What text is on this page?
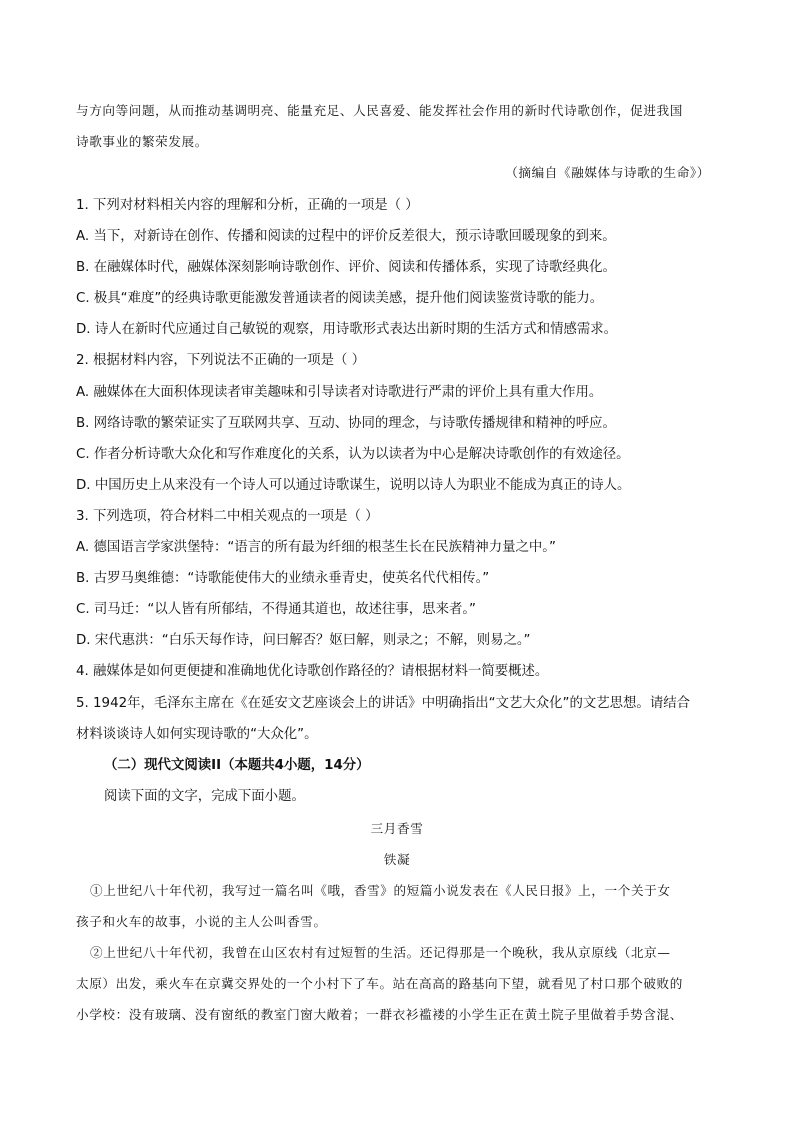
与方向等问题，从而推动基调明亮、能量充足、人民喜爱、能发挥社会作用的新时代诗歌创作，促进我国
诗歌事业的繁荣发展。
（摘编自《融媒体与诗歌的生命》）
1. 下列对材料相关内容的理解和分析，正确的一项是（ ）
A. 当下，对新诗在创作、传播和阅读的过程中的评价反差很大，预示诗歌回暖现象的到来。
B. 在融媒体时代，融媒体深刻影响诗歌创作、评价、阅读和传播体系，实现了诗歌经典化。
C. 极具“难度”的经典诗歌更能激发普通读者的阅读美感，提升他们阅读鉴赏诗歌的能力。
D. 诗人在新时代应通过自己敏锐的观察，用诗歌形式表达出新时期的生活方式和情感需求。
2. 根据材料内容，下列说法不正确的一项是（ ）
A. 融媒体在大面积体现读者审美趣味和引导读者对诗歌进行严肃的评价上具有重大作用。
B. 网络诗歌的繁荣证实了互联网共享、互动、协同的理念，与诗歌传播规律和精神的呼应。
C. 作者分析诗歌大众化和写作难度化的关系，认为以读者为中心是解决诗歌创作的有效途径。
D. 中国历史上从来没有一个诗人可以通过诗歌谋生，说明以诗人为职业不能成为真正的诗人。
3. 下列选项，符合材料二中相关观点的一项是（ ）
A. 德国语言学家洪堡特：“语言的所有最为纤细的根茎生长在民族精神力量之中。”
B. 古罗马奥维德：“诗歌能使伟大的业绩永垂青史，使英名代代相传。”
C. 司马迁：“以人皆有所郁结，不得通其道也，故述往事，思来者。”
D. 宋代惠洪：“白乐天每作诗，问曰解否？妪曰解，则录之；不解，则易之。”
4. 融媒体是如何更便捷和准确地优化诗歌创作路径的？请根据材料一简要概述。
5. 1942年，毛泽东主席在《在延安文艺座谈会上的讲话》中明确指出“文艺大众化”的文艺思想。请结合
材料谈谈诗人如何实现诗歌的“大众化”。
（二）现代文阅读II（本题共4小题，14分）
阅读下面的文字，完成下面小题。
三月香雪
铁凝
①上世纪八十年代初，我写过一篇名叫《哦，香雪》的短篇小说发表在《人民日报》上，一个关于女
孩子和火车的故事，小说的主人公叫香雪。
②上世纪八十年代初，我曾在山区农村有过短暂的生活。还记得那是一个晚秋，我从京原线（北京—
太原）出发，乘火车在京冀交界处的一个小村下了车。站在高高的路基向下望，就看见了村口那个破败的
小学校：没有玻璃、没有窗纸的教室门窗大敞着；一群衣衫褴褛的小学生正在黄土院子里做着手势含混、
